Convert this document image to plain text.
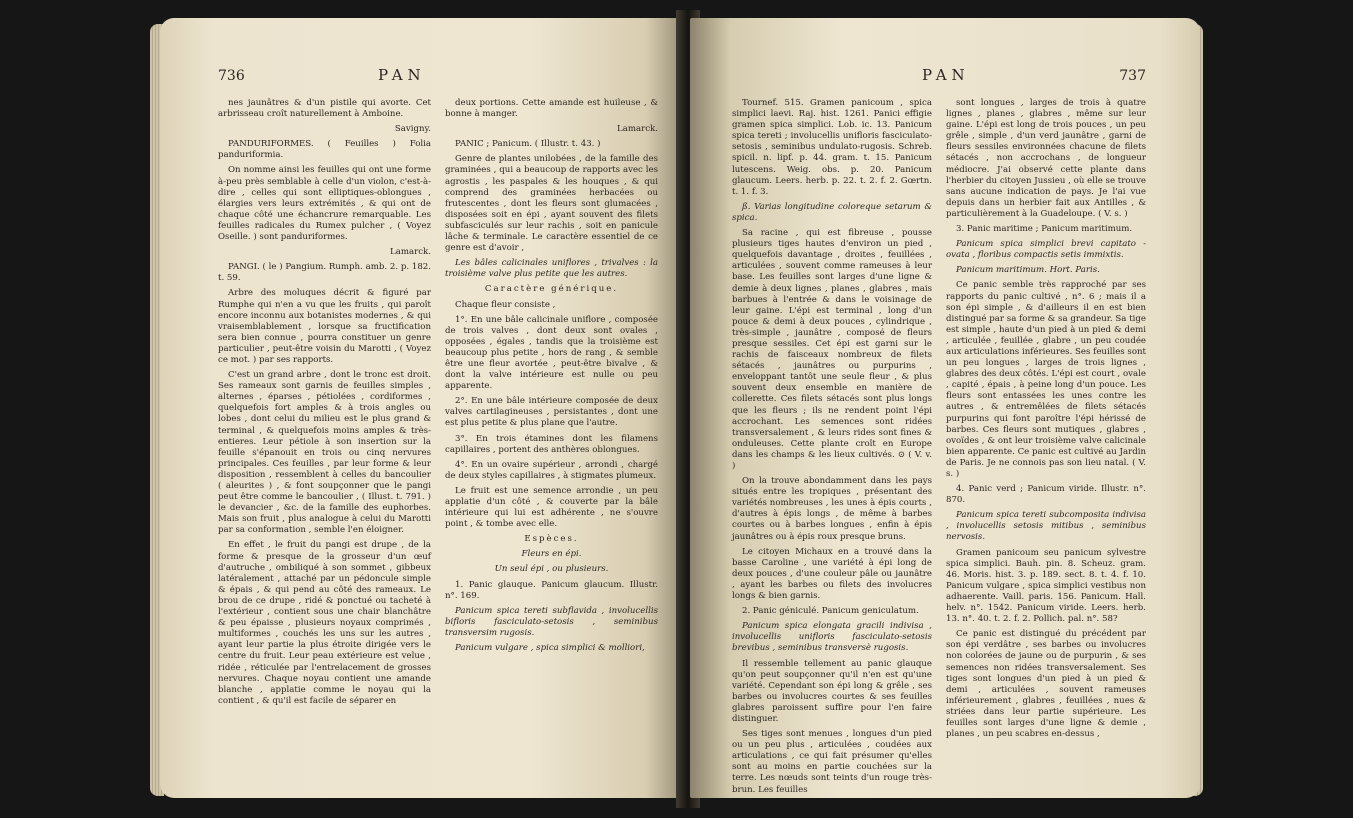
736	PAN

nes jaunâtres & d'un pistile qui avorte. Cet arbrisseau croît naturellement à Amboine.

Savigny.

PANDURIFORMES. ( Feuilles ) Folia panduriformia.

On nomme ainsi les feuilles qui ont une forme à-peu près semblable à celle d'un violon, c'est-à-dire , celles qui sont elliptiques-oblongues , élargies vers leurs extrémités , & qui ont de chaque côté une échancrure remarquable. Les feuilles radicales du Rumex pulcher , ( Voyez Oseille. ) sont panduriformes.

Lamarck.

PANGI. ( le ) Pangium. Rumph. amb. 2. p. 182. t. 59.

Arbre des moluques décrit & figuré par Rumphe qui n'en a vu que les fruits , qui paroît encore inconnu aux botanistes modernes , & qui vraisemblablement , lorsque sa fructification sera bien connue , pourra constituer un genre particulier , peut-être voisin du Marotti , ( Voyez ce mot. ) par ses rapports.

C'est un grand arbre , dont le tronc est droit. Ses rameaux sont garnis de feuilles simples , alternes , éparses , pétiolées , cordiformes , quelquefois fort amples & à trois angles ou lobes , dont celui du milieu est le plus grand & terminal , & quelquefois moins amples & très-entieres. Leur pétiole à son insertion sur la feuille s'épanouit en trois ou cinq nervures principales. Ces feuilles , par leur forme & leur disposition , ressemblent à celles du bancoulier ( aleurites ) , & font soupçonner que le pangi peut être comme le bancoulier , ( Illust. t. 791. ) le devancier , &c. de la famille des euphorbes. Mais son fruit , plus analogue à celui du Marotti par sa conformation , semble l'en éloigner.

En effet , le fruit du pangi est drupe , de la forme & presque de la grosseur d'un œuf d'autruche , ombiliqué à son sommet , gibbeux latéralement , attaché par un pédoncule simple & épais , & qui pend au côté des rameaux. Le brou de ce drupe , ridé & ponctué ou tacheté à l'extérieur , contient sous une chair blanchâtre & peu épaisse , plusieurs noyaux comprimés , multiformes , couchés les uns sur les autres , ayant leur partie la plus étroite dirigée vers le centre du fruit. Leur peau extérieure est velue , ridée , réticulée par l'entrelacement de grosses nervures. Chaque noyau contient une amande blanche , applatie comme le noyau qui la contient , & qu'il est facile de séparer en

deux portions. Cette amande est huileuse , & bonne à manger.

Lamarck.

PANIC ; Panicum. ( Illustr. t. 43. )

Genre de plantes unilobées , de la famille des graminées , qui a beaucoup de rapports avec les agrostis , les paspales & les houques , & qui comprend des graminées herbacées ou frutescentes , dont les fleurs sont glumacées , disposées soit en épi , ayant souvent des filets subfasciculés sur leur rachis , soit en panicule lâche & terminale. Le caractère essentiel de ce genre est d'avoir ,

Les bâles calicinales uniflores , trivalves : la troisième valve plus petite que les autres.

Caractère générique.

Chaque fleur consiste ,

1°. En une bâle calicinale uniflore , composée de trois valves , dont deux sont ovales , opposées , égales , tandis que la troisième est beaucoup plus petite , hors de rang , & semble être une fleur avortée , peut-être bivalve , & dont la valve intérieure est nulle ou peu apparente.

2°. En une bâle intérieure composée de deux valves cartilagineuses , persistantes , dont une est plus petite & plus plane que l'autre.

3°. En trois étamines dont les filamens capillaires , portent des anthères oblongues.

4°. En un ovaire supérieur , arrondi , chargé de deux styles capillaires , à stigmates plumeux.

Le fruit est une semence arrondie , un peu applatie d'un côté , & couverte par la bâle intérieure qui lui est adhérente , ne s'ouvre point , & tombe avec elle.

Espèces.

Fleurs en épi.

Un seul épi , ou plusieurs.

1. Panic glauque. Panicum glaucum. Illustr. n°. 169.

Panicum spica tereti subflavida , involucellis bifloris fasciculato-setosis , seminibus transversim rugosis.

Panicum vulgare , spica simplici & molliori,

PAN	737

Tournef. 515. Gramen panicoum , spica simplici laevi. Raj. hist. 1261. Panici effigie gramen spica simplici. Lob. ic. 13. Panicum spica tereti ; involucellis unifloris fasciculato-setosis , seminibus undulato-rugosis. Schreb. spicil. n. lipf. p. 44. gram. t. 15. Panicum lutescens. Weig. obs. p. 20. Panicum glaucum. Leers. herb. p. 22. t. 2. f. 2. Gœrtn. t. 1. f. 3.

ß. Varias longitudine coloreque setarum & spica.

Sa racine , qui est fibreuse , pousse plusieurs tiges hautes d'environ un pied , quelquefois davantage , droites , feuillées , articulées , souvent comme rameuses à leur base. Les feuilles sont larges d'une ligne & demie à deux lignes , planes , glabres , mais barbues à l'entrée & dans le voisinage de leur gaine. L'épi est terminal , long d'un pouce & demi à deux pouces , cylindrique , très-simple , jaunâtre , composé de fleurs presque sessiles. Cet épi est garni sur le rachis de faisceaux nombreux de filets sétacés , jaunâtres ou purpurins , enveloppant tantôt une seule fleur , & plus souvent deux ensemble en manière de collerette. Ces filets sétacés sont plus longs que les fleurs ; ils ne rendent point l'épi accrochant. Les semences sont ridées transversalement , & leurs rides sont fines & onduleuses. Cette plante croît en Europe dans les champs & les lieux cultivés. ⊙ ( V. v. )

On la trouve abondamment dans les pays situés entre les tropiques , présentant des variétés nombreuses , les unes à épis courts , d'autres à épis longs , de même à barbes courtes ou à barbes longues , enfin à épis jaunâtres ou à épis roux presque bruns.

Le citoyen Michaux en a trouvé dans la basse Caroline , une variété à épi long de deux pouces , d'une couleur pâle ou jaunâtre , ayant les barbes ou filets des involucres longs & bien garnis.

2. Panic géniculé. Panicum geniculatum.

Panicum spica elongata gracili indivisa , involucellis unifloris fasciculato-setosis brevibus , seminibus transversè rugosis.

Il ressemble tellement au panic glauque qu'on peut soupçonner qu'il n'en est qu'une variété. Cependant son épi long & grêle , ses barbes ou involucres courtes & ses feuilles glabres paroissent suffire pour l'en faire distinguer.

Ses tiges sont menues , longues d'un pied ou un peu plus , articulées , coudées aux articulations , ce qui fait présumer qu'elles sont au moins en partie couchées sur la terre. Les nœuds sont teints d'un rouge très-brun. Les feuilles

sont longues , larges de trois à quatre lignes , planes , glabres , même sur leur gaine. L'épi est long de trois pouces , un peu grêle , simple , d'un verd jaunâtre , garni de fleurs sessiles environnées chacune de filets sétacés , non accrochans , de longueur médiocre. J'ai observé cette plante dans l'herbier du citoyen Jussieu , où elle se trouve sans aucune indication de pays. Je l'ai vue depuis dans un herbier fait aux Antilles , & particulièrement à la Guadeloupe. ( V. s. )

3. Panic maritime ; Panicum maritimum.

Panicum spica simplici brevi capitato - ovata , floribus compactis setis immixtis.

Panicum maritimum. Hort. Paris.

Ce panic semble très rapproché par ses rapports du panic cultivé , n°. 6 ; mais il a son épi simple , & d'ailleurs il en est bien distingué par sa forme & sa grandeur. Sa tige est simple , haute d'un pied à un pied & demi , articulée , feuillée , glabre , un peu coudée aux articulations inférieures. Ses feuilles sont un peu longues , larges de trois lignes , glabres des deux côtés. L'épi est court , ovale , capité , épais , à peine long d'un pouce. Les fleurs sont entassées les unes contre les autres , & entremêlées de filets sétacés purpurins qui font paroître l'épi hérissé de barbes. Ces fleurs sont mutiques , glabres , ovoïdes , & ont leur troisième valve calicinale bien apparente. Ce panic est cultivé au Jardin de Paris. Je ne connois pas son lieu natal. ( V. s. )

4. Panic verd ; Panicum viride. Illustr. n°. 870.

Panicum spica tereti subcomposita indivisa , involucellis setosis mitibus , seminibus nervosis.

Gramen panicoum seu panicum sylvestre spica simplici. Bauh. pin. 8. Scheuz. gram. 46. Moris. hist. 3. p. 189. sect. 8. t. 4. f. 10. Panicum vulgare , spica simplici vestibus non adhaerente. Vaill. paris. 156. Panicum. Hall. helv. n°. 1542. Panicum viride. Leers. herb. 13. n°. 40. t. 2. f. 2. Pollich. pal. n°. 58?

Ce panic est distingué du précédent par son épi verdâtre , ses barbes ou involucres non colorées de jaune ou de purpurin , & ses semences non ridées transversalement. Ses tiges sont longues d'un pied à un pied & demi , articulées , souvent rameuses inférieurement , glabres , feuillées , nues & striées dans leur partie supérieure. Les feuilles sont larges d'une ligne & demie , planes , un peu scabres en-dessus ,
